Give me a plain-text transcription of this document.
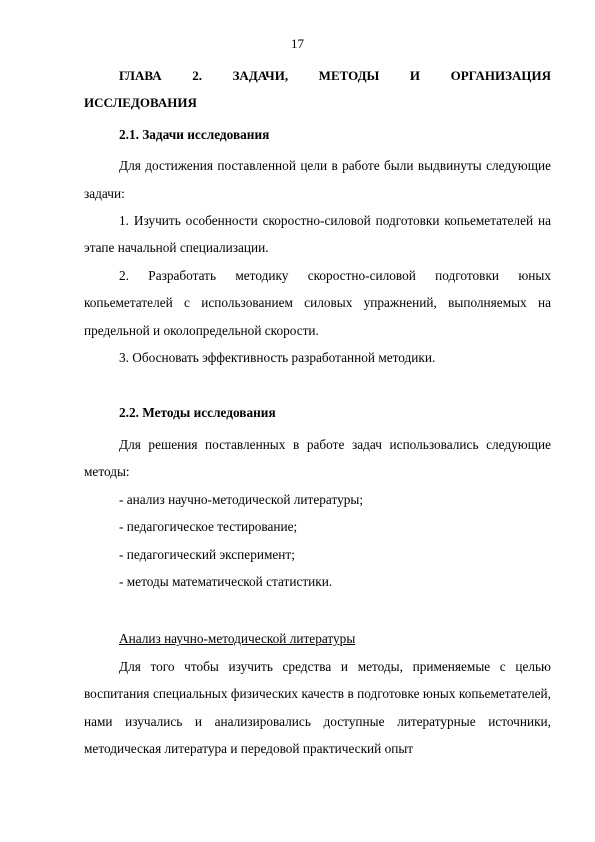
17

ГЛАВА 2. ЗАДАЧИ, МЕТОДЫ И ОРГАНИЗАЦИЯ ИССЛЕДОВАНИЯ

2.1. Задачи исследования

Для достижения поставленной цели в работе были выдвинуты следующие задачи:

1. Изучить особенности скоростно-силовой подготовки копьеметателей на этапе начальной специализации.

2. Разработать методику скоростно-силовой подготовки юных копьеметателей с использованием силовых упражнений, выполняемых на предельной и околопредельной скорости.

3. Обосновать эффективность разработанной методики.

2.2. Методы исследования

Для решения поставленных в работе задач использовались следующие методы:

- анализ научно-методической литературы;

- педагогическое тестирование;

- педагогический эксперимент;

- методы математической статистики.

Анализ научно-методической литературы

Для того чтобы изучить средства и методы, применяемые с целью воспитания специальных физических качеств в подготовке юных копьеметателей, нами изучались и анализировались доступные литературные источники, методическая литература и передовой практический опыт
